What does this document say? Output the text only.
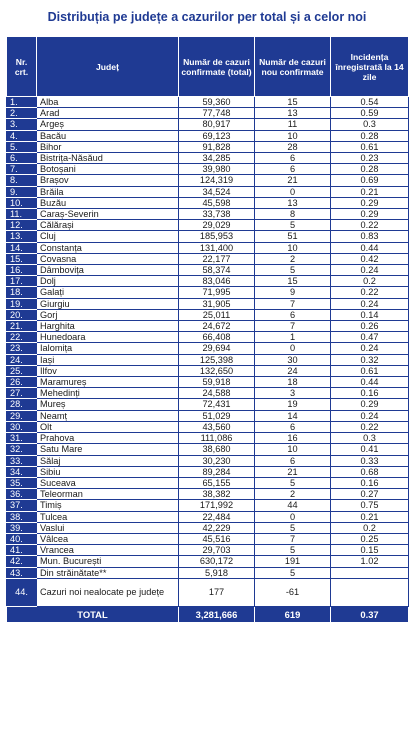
Distribuția pe județe a cazurilor per total și a celor noi
Nr. crt.	Județ	Număr de cazuri confirmate (total)	Număr de cazuri nou confirmate	Incidența înregistrată la 14 zile
1.	Alba	59,360	15	0.54
2.	Arad	77,748	13	0.59
3.	Argeș	80,917	11	0.3
4.	Bacău	69,123	10	0.28
5.	Bihor	91,828	28	0.61
6.	Bistrița-Năsăud	34,285	6	0.23
7.	Botoșani	39,980	6	0.28
8.	Brașov	124,319	21	0.69
9.	Brăila	34,524	0	0.21
10.	Buzău	45,598	13	0.29
11.	Caraș-Severin	33,738	8	0.29
12.	Călărași	29,029	5	0.22
13.	Cluj	185,953	51	0.83
14.	Constanța	131,400	10	0.44
15.	Covasna	22,177	2	0.42
16.	Dâmbovița	58,374	5	0.24
17.	Dolj	83,046	15	0.2
18.	Galați	71,995	9	0.22
19.	Giurgiu	31,905	7	0.24
20.	Gorj	25,011	6	0.14
21.	Harghita	24,672	7	0.26
22.	Hunedoara	66,408	1	0.47
23.	Ialomița	29,694	0	0.24
24.	Iași	125,398	30	0.32
25.	Ilfov	132,650	24	0.61
26.	Maramureș	59,918	18	0.44
27.	Mehedinți	24,588	3	0.16
28.	Mureș	72,431	19	0.29
29.	Neamț	51,029	14	0.24
30.	Olt	43,560	6	0.22
31.	Prahova	111,086	16	0.3
32.	Satu Mare	38,680	10	0.41
33.	Sălaj	30,230	6	0.33
34.	Sibiu	89,284	21	0.68
35.	Suceava	65,155	5	0.16
36.	Teleorman	38,382	2	0.27
37.	Timiș	171,992	44	0.75
38.	Tulcea	22,484	0	0.21
39.	Vaslui	42,229	5	0.2
40.	Vâlcea	45,516	7	0.25
41.	Vrancea	29,703	5	0.15
42.	Mun. București	630,172	191	1.02
43.	Din străinătate**	5,918	5	
44.	Cazuri noi nealocate pe județe	177	-61	
TOTAL		3,281,666	619	0.37
